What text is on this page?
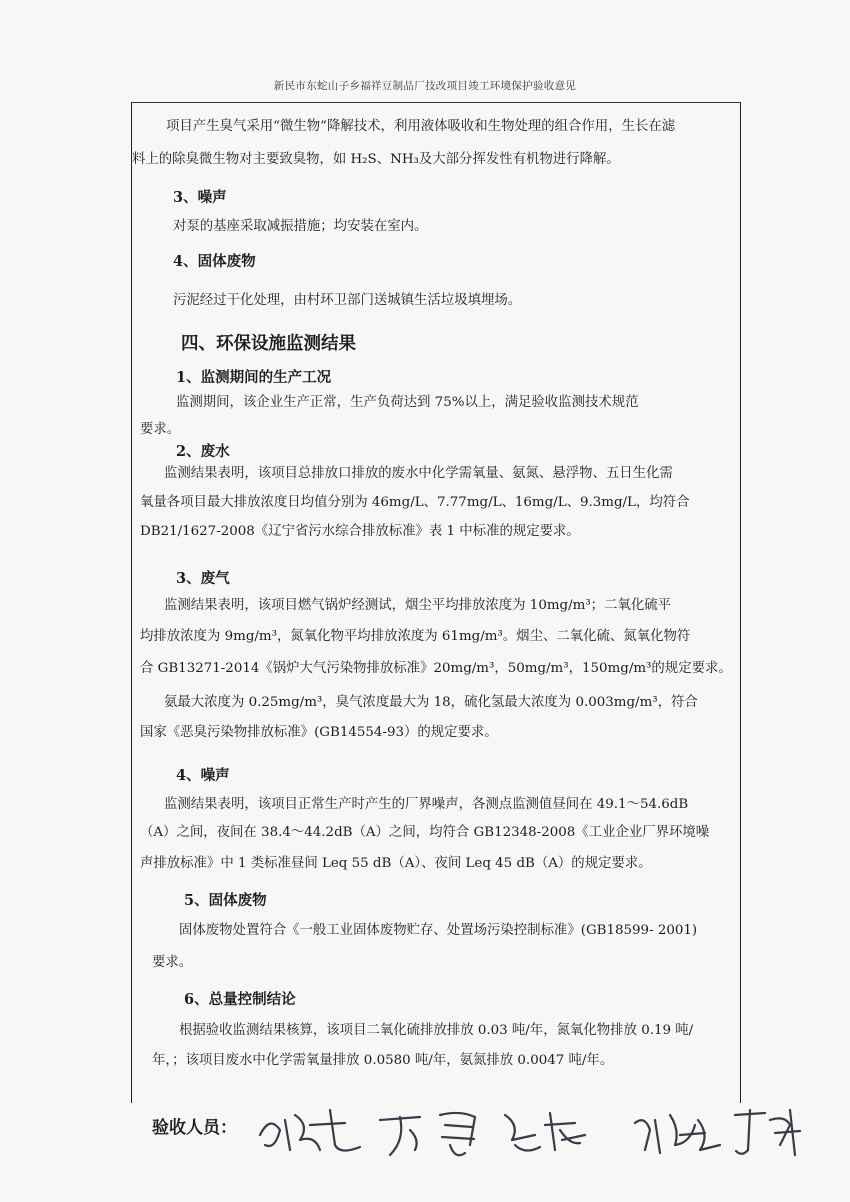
新民市东蛇山子乡福祥豆制品厂技改项目竣工环境保护验收意见
项目产生臭气采用“微生物”降解技术，利用液体吸收和生物处理的组合作用，生长在滤
料上的除臭微生物对主要致臭物，如 H₂S、NH₃及大部分挥发性有机物进行降解。
3、噪声
对泵的基座采取减振措施；均安装在室内。
4、固体废物
污泥经过干化处理，由村环卫部门送城镇生活垃圾填埋场。
四、环保设施监测结果
1、监测期间的生产工况
监测期间，该企业生产正常，生产负荷达到 75%以上，满足验收监测技术规范
要求。
2、废水
监测结果表明，该项目总排放口排放的废水中化学需氧量、氨氮、悬浮物、五日生化需
氧量各项目最大排放浓度日均值分别为 46mg/L、7.77mg/L、16mg/L、9.3mg/L，均符合
DB21/1627-2008《辽宁省污水综合排放标准》表 1 中标准的规定要求。
3、废气
监测结果表明，该项目燃气锅炉经测试，烟尘平均排放浓度为 10mg/m³；二氧化硫平
均排放浓度为 9mg/m³，氮氧化物平均排放浓度为 61mg/m³。烟尘、二氧化硫、氮氧化物符
合 GB13271-2014《锅炉大气污染物排放标准》20mg/m³，50mg/m³，150mg/m³的规定要求。
氨最大浓度为 0.25mg/m³，臭气浓度最大为 18，硫化氢最大浓度为 0.003mg/m³，符合
国家《恶臭污染物排放标准》(GB14554-93）的规定要求。
4、噪声
监测结果表明，该项目正常生产时产生的厂界噪声，各测点监测值昼间在 49.1～54.6dB
（A）之间，夜间在 38.4～44.2dB（A）之间，均符合 GB12348-2008《工业企业厂界环境噪
声排放标准》中 1 类标准昼间 Leq 55 dB（A）、夜间 Leq 45 dB（A）的规定要求。
5、固体废物
固体废物处置符合《一般工业固体废物贮存、处置场污染控制标准》(GB18599- 2001)
要求。
6、总量控制结论
根据验收监测结果核算，该项目二氧化硫排放排放 0.03 吨/年，氮氧化物排放 0.19 吨/
年，；该项目废水中化学需氧量排放 0.0580 吨/年，氨氮排放 0.0047 吨/年。
验收人员：
